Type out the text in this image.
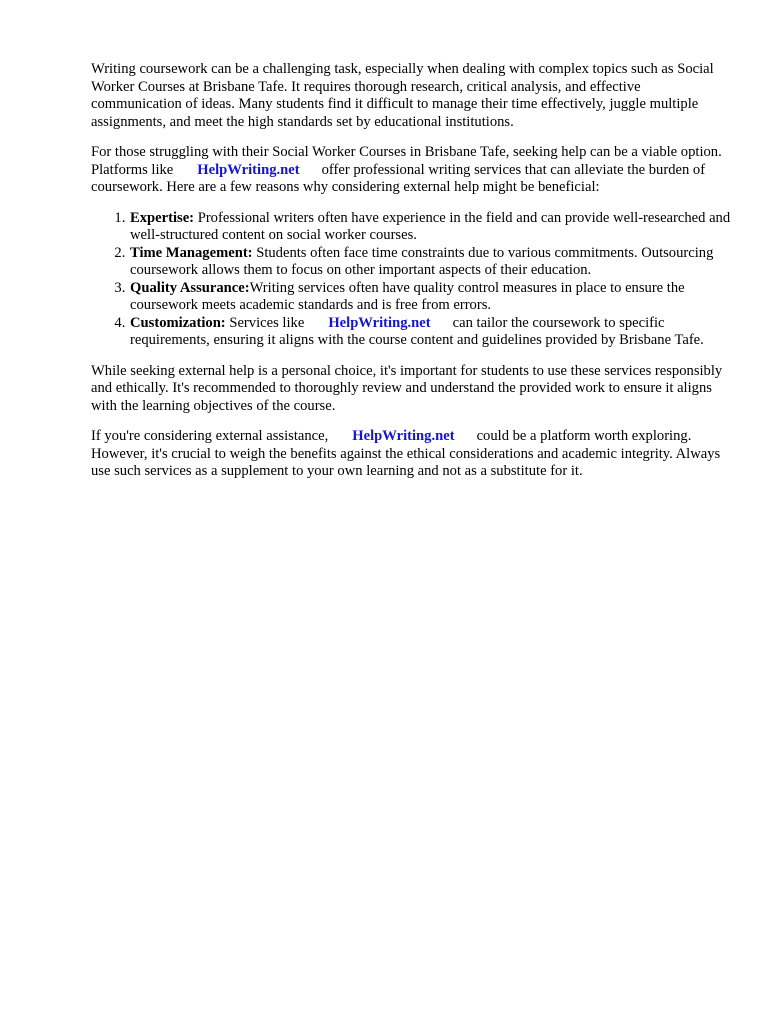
Writing coursework can be a challenging task, especially when dealing with complex topics such as Social Worker Courses at Brisbane Tafe. It requires thorough research, critical analysis, and effective communication of ideas. Many students find it difficult to manage their time effectively, juggle multiple assignments, and meet the high standards set by educational institutions.

For those struggling with their Social Worker Courses in Brisbane Tafe, seeking help can be a viable option. Platforms like HelpWriting.net offer professional writing services that can alleviate the burden of coursework. Here are a few reasons why considering external help might be beneficial:

1. Expertise: Professional writers often have experience in the field and can provide well-researched and well-structured content on social worker courses.
2. Time Management: Students often face time constraints due to various commitments. Outsourcing coursework allows them to focus on other important aspects of their education.
3. Quality Assurance:Writing services often have quality control measures in place to ensure the coursework meets academic standards and is free from errors.
4. Customization: Services like HelpWriting.net can tailor the coursework to specific requirements, ensuring it aligns with the course content and guidelines provided by Brisbane Tafe.

While seeking external help is a personal choice, it's important for students to use these services responsibly and ethically. It's recommended to thoroughly review and understand the provided work to ensure it aligns with the learning objectives of the course.

If you're considering external assistance, HelpWriting.net could be a platform worth exploring. However, it's crucial to weigh the benefits against the ethical considerations and academic integrity. Always use such services as a supplement to your own learning and not as a substitute for it.
